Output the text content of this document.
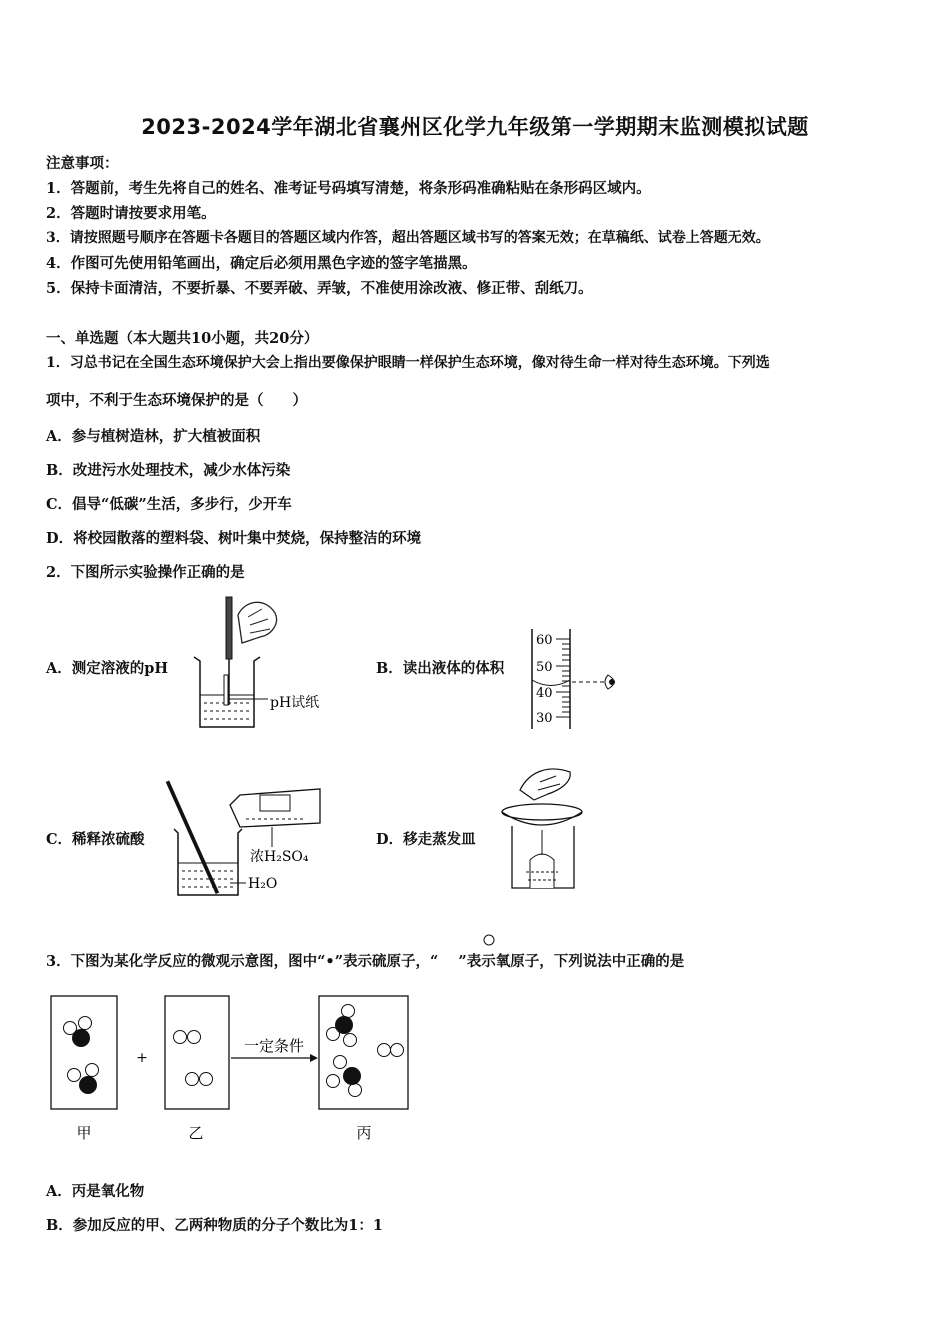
2023-2024学年湖北省襄州区化学九年级第一学期期末监测模拟试题
注意事项：
1．答题前，考生先将自己的姓名、准考证号码填写清楚，将条形码准确粘贴在条形码区域内。
2．答题时请按要求用笔。
3．请按照题号顺序在答题卡各题目的答题区域内作答，超出答题区域书写的答案无效；在草稿纸、试卷上答题无效。
4．作图可先使用铅笔画出，确定后必须用黑色字迹的签字笔描黑。
5．保持卡面清洁，不要折暴、不要弄破、弄皱，不准使用涂改液、修正带、刮纸刀。
一、单选题（本大题共10小题，共20分）
1．习总书记在全国生态环境保护大会上指出要像保护眼睛一样保护生态环境，像对待生命一样对待生态环境。下列选
项中，不利于生态环境保护的是（　　）
A．参与植树造林，扩大植被面积
B．改进污水处理技术，减少水体污染
C．倡导“低碳”生活，多步行，少开车
D．将校园散落的塑料袋、树叶集中焚烧，保持整洁的环境
2．下图所示实验操作正确的是
A．测定溶液的pH	B．读出液体的体积
C．稀释浓硫酸	D．移走蒸发皿
pH试纸
60
50
40
30
浓H₂SO₄
H₂O
3．下图为某化学反应的微观示意图，图中“•”表示硫原子，“ ”表示氧原子，下列说法中正确的是
甲
+
乙
一定条件
丙
A．丙是氧化物
B．参加反应的甲、乙两种物质的分子个数比为1：1
